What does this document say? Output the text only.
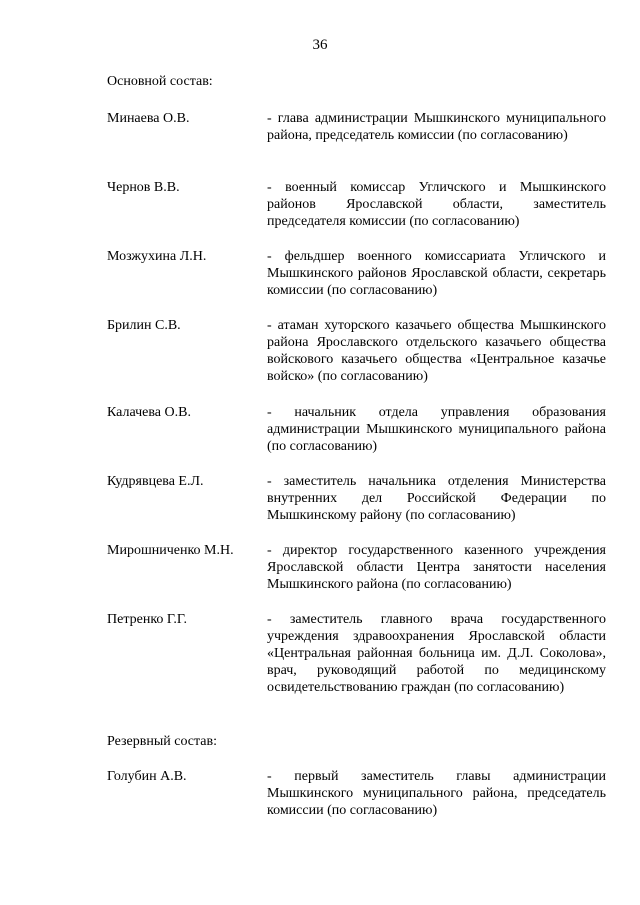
36
Основной состав:
Минаева О.В.	- глава администрации Мышкинского муниципального района, председатель комиссии (по согласованию)
Чернов В.В.	- военный комиссар Угличского и Мышкинского районов Ярославской области, заместитель председателя комиссии (по согласованию)
Мозжухина Л.Н.	- фельдшер военного комиссариата Угличского и Мышкинского районов Ярославской области, секретарь комиссии (по согласованию)
Брилин С.В.	- атаман хуторского казачьего общества Мышкинского района Ярославского отдельского казачьего общества войскового казачьего общества «Центральное казачье войско» (по согласованию)
Калачева О.В.	- начальник отдела управления образования администрации Мышкинского муниципального района (по согласованию)
Кудрявцева Е.Л.	- заместитель начальника отделения Министерства внутренних дел Российской Федерации по Мышкинскому району (по согласованию)
Мирошниченко М.Н. - директор государственного казенного учреждения Ярославской области Центра занятости населения Мышкинского района (по согласованию)
Петренко Г.Г.	- заместитель главного врача государственного учреждения здравоохранения Ярославской области «Центральная районная больница им. Д.Л. Соколова», врач, руководящий работой по медицинскому освидетельствованию граждан (по согласованию)
Резервный состав:
Голубин А.В.	- первый заместитель главы администрации Мышкинского муниципального района, председатель комиссии (по согласованию)
